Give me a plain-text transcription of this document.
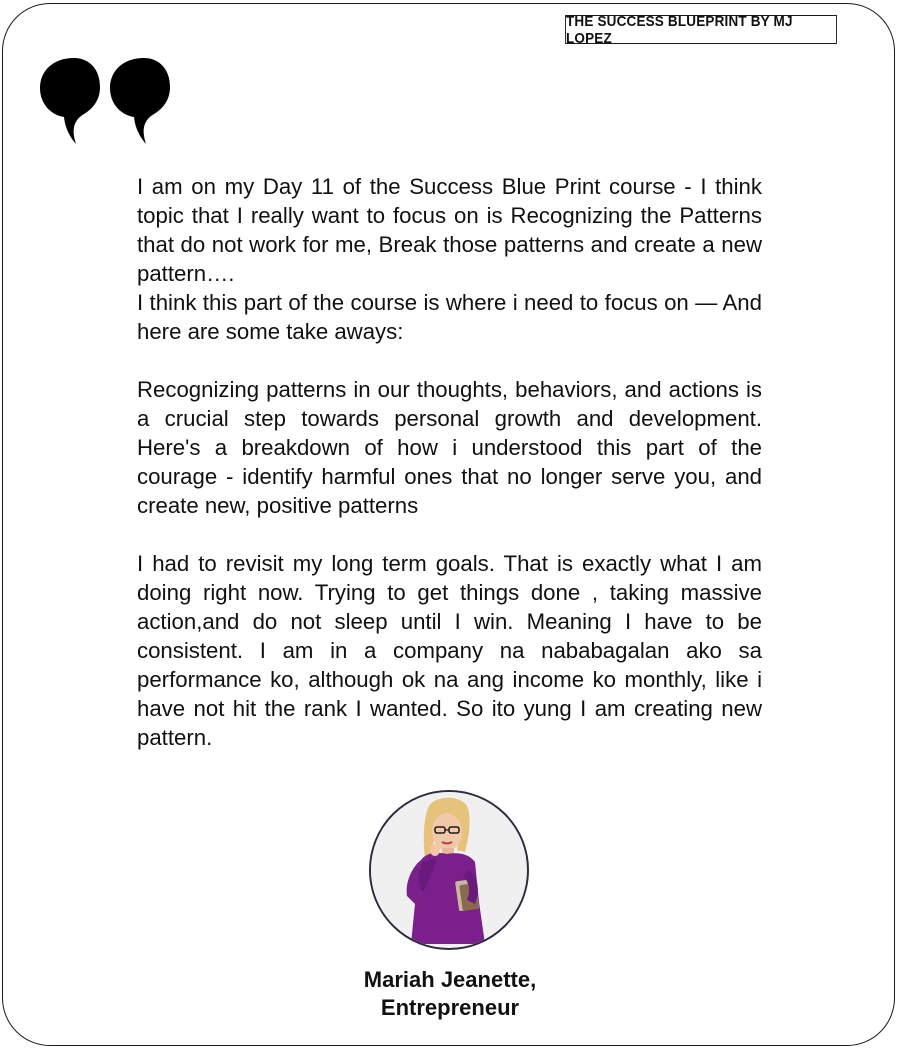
THE SUCCESS BLUEPRINT BY MJ LOPEZ

I am on my Day 11 of the Success Blue Print course - I think topic that I really want to focus on is Recognizing the Patterns that do not work for me, Break those patterns and create a new pattern….
I think this part of the course is where i need to focus on — And here are some take aways:

Recognizing patterns in our thoughts, behaviors, and actions is a crucial step towards personal growth and development. Here's a breakdown of how i understood this part of the courage - identify harmful ones that no longer serve you, and create new, positive patterns

I had to revisit my long term goals. That is exactly what I am doing right now. Trying to get things done , taking massive action,and do not sleep until I win. Meaning I have to be consistent. I am in a company na nababagalan ako sa performance ko, although ok na ang income ko monthly, like i have not hit the rank I wanted. So ito yung I am creating new pattern.

Mariah Jeanette,
Entrepreneur
